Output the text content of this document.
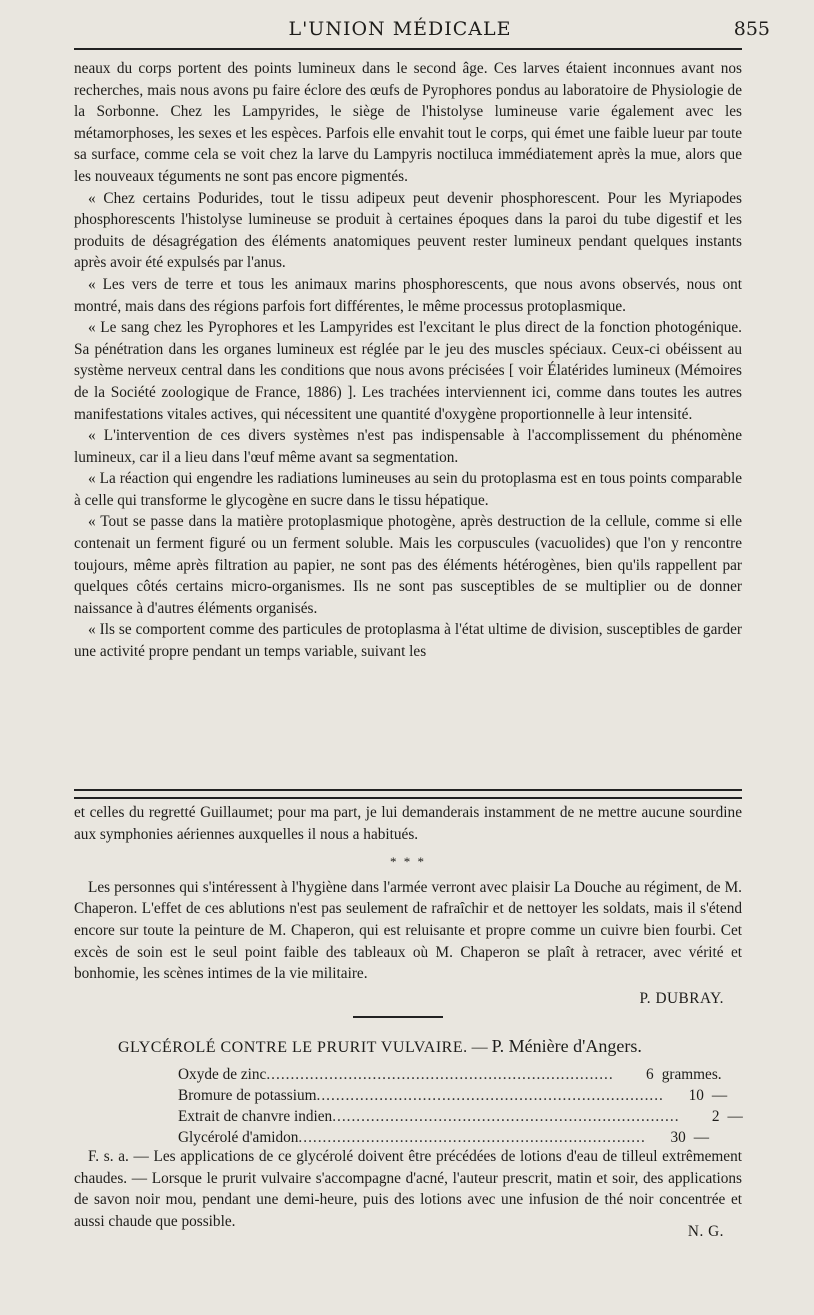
L'UNION MÉDICALE	855

neaux du corps portent des points lumineux dans le second âge. Ces larves étaient inconnues avant nos recherches, mais nous avons pu faire éclore des œufs de Pyrophores pondus au laboratoire de Physiologie de la Sorbonne. Chez les Lampyrides, le siège de l'histolyse lumineuse varie également avec les métamorphoses, les sexes et les espèces. Parfois elle envahit tout le corps, qui émet une faible lueur par toute sa surface, comme cela se voit chez la larve du Lampyris noctiluca immédiatement après la mue, alors que les nouveaux téguments ne sont pas encore pigmentés.

« Chez certains Podurides, tout le tissu adipeux peut devenir phosphorescent. Pour les Myriapodes phosphorescents l'histolyse lumineuse se produit à certaines époques dans la paroi du tube digestif et les produits de désagrégation des éléments anatomiques peuvent rester lumineux pendant quelques instants après avoir été expulsés par l'anus.

« Les vers de terre et tous les animaux marins phosphorescents, que nous avons observés, nous ont montré, mais dans des régions parfois fort différentes, le même processus protoplasmique.

« Le sang chez les Pyrophores et les Lampyrides est l'excitant le plus direct de la fonction photogénique. Sa pénétration dans les organes lumineux est réglée par le jeu des muscles spéciaux. Ceux-ci obéissent au système nerveux central dans les conditions que nous avons précisées [ voir Élatérides lumineux (Mémoires de la Société zoologique de France, 1886) ]. Les trachées interviennent ici, comme dans toutes les autres manifestations vitales actives, qui nécessitent une quantité d'oxygène proportionnelle à leur intensité.

« L'intervention de ces divers systèmes n'est pas indispensable à l'accomplissement du phénomène lumineux, car il a lieu dans l'œuf même avant sa segmentation.

« La réaction qui engendre les radiations lumineuses au sein du protoplasma est en tous points comparable à celle qui transforme le glycogène en sucre dans le tissu hépatique.

« Tout se passe dans la matière protoplasmique photogène, après destruction de la cellule, comme si elle contenait un ferment figuré ou un ferment soluble. Mais les corpuscules (vacuolides) que l'on y rencontre toujours, même après filtration au papier, ne sont pas des éléments hétérogènes, bien qu'ils rappellent par quelques côtés certains micro-organismes. Ils ne sont pas susceptibles de se multiplier ou de donner naissance à d'autres éléments organisés.

« Ils se comportent comme des particules de protoplasma à l'état ultime de division, susceptibles de garder une activité propre pendant un temps variable, suivant les

et celles du regretté Guillaumet; pour ma part, je lui demanderais instamment de ne mettre aucune sourdine aux symphonies aériennes auxquelles il nous a habitués.

* * *

Les personnes qui s'intéressent à l'hygiène dans l'armée verront avec plaisir La Douche au régiment, de M. Chaperon. L'effet de ces ablutions n'est pas seulement de rafraîchir et de nettoyer les soldats, mais il s'étend encore sur toute la peinture de M. Chaperon, qui est reluisante et propre comme un cuivre bien fourbi. Cet excès de soin est le seul point faible des tableaux où M. Chaperon se plaît à retracer, avec vérité et bonhomie, les scènes intimes de la vie militaire.

P. DUBRAY.
GLYCÉROLÉ CONTRE LE PRURIT VULVAIRE. — P. Ménière d'Angers.
Oxyde de zinc ........................................................................	6 grammes.
Bromure de potassium ........................................................................	10 —
Extrait de chanvre indien ........................................................................	2 —
Glycérolé d'amidon ........................................................................	30 —

F. s. a. — Les applications de ce glycérolé doivent être précédées de lotions d'eau de tilleul extrêmement chaudes. — Lorsque le prurit vulvaire s'accompagne d'acné, l'auteur prescrit, matin et soir, des applications de savon noir mou, pendant une demi-heure, puis des lotions avec une infusion de thé noir concentrée et aussi chaude que possible.

N. G.
